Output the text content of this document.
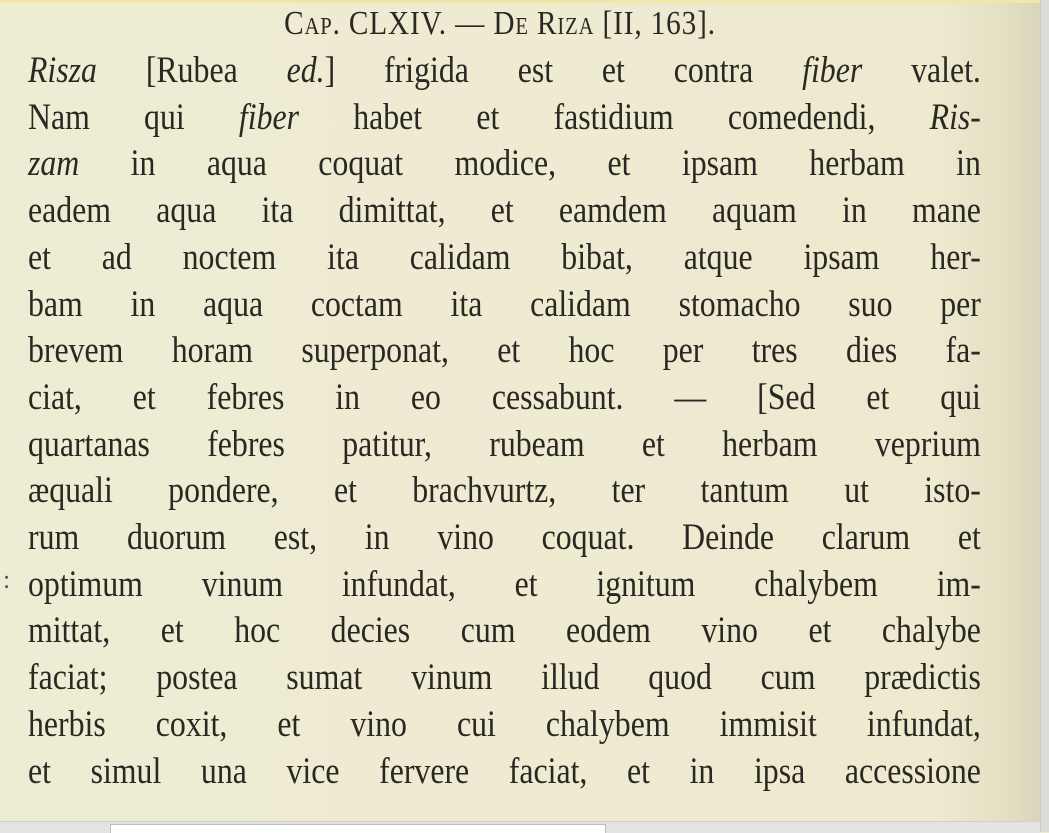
Cap. CLXIV. — De Riza [II, 163].
Risza [Rubea ed.] frigida est et contra fiber valet.
Nam qui fiber habet et fastidium comedendi, Ris-
zam in aqua coquat modice, et ipsam herbam in
eadem aqua ita dimittat, et eamdem aquam in mane
et ad noctem ita calidam bibat, atque ipsam her-
bam in aqua coctam ita calidam stomacho suo per
brevem horam superponat, et hoc per tres dies fa-
ciat, et febres in eo cessabunt. — [Sed et qui
quartanas febres patitur, rubeam et herbam veprium
æquali pondere, et brachvurtz, ter tantum ut isto-
rum duorum est, in vino coquat. Deinde clarum et
optimum vinum infundat, et ignitum chalybem im-
mittat, et hoc decies cum eodem vino et chalybe
faciat; postea sumat vinum illud quod cum prædictis
herbis coxit, et vino cui chalybem immisit infundat,
et simul una vice fervere faciat, et in ipsa accessione
:
